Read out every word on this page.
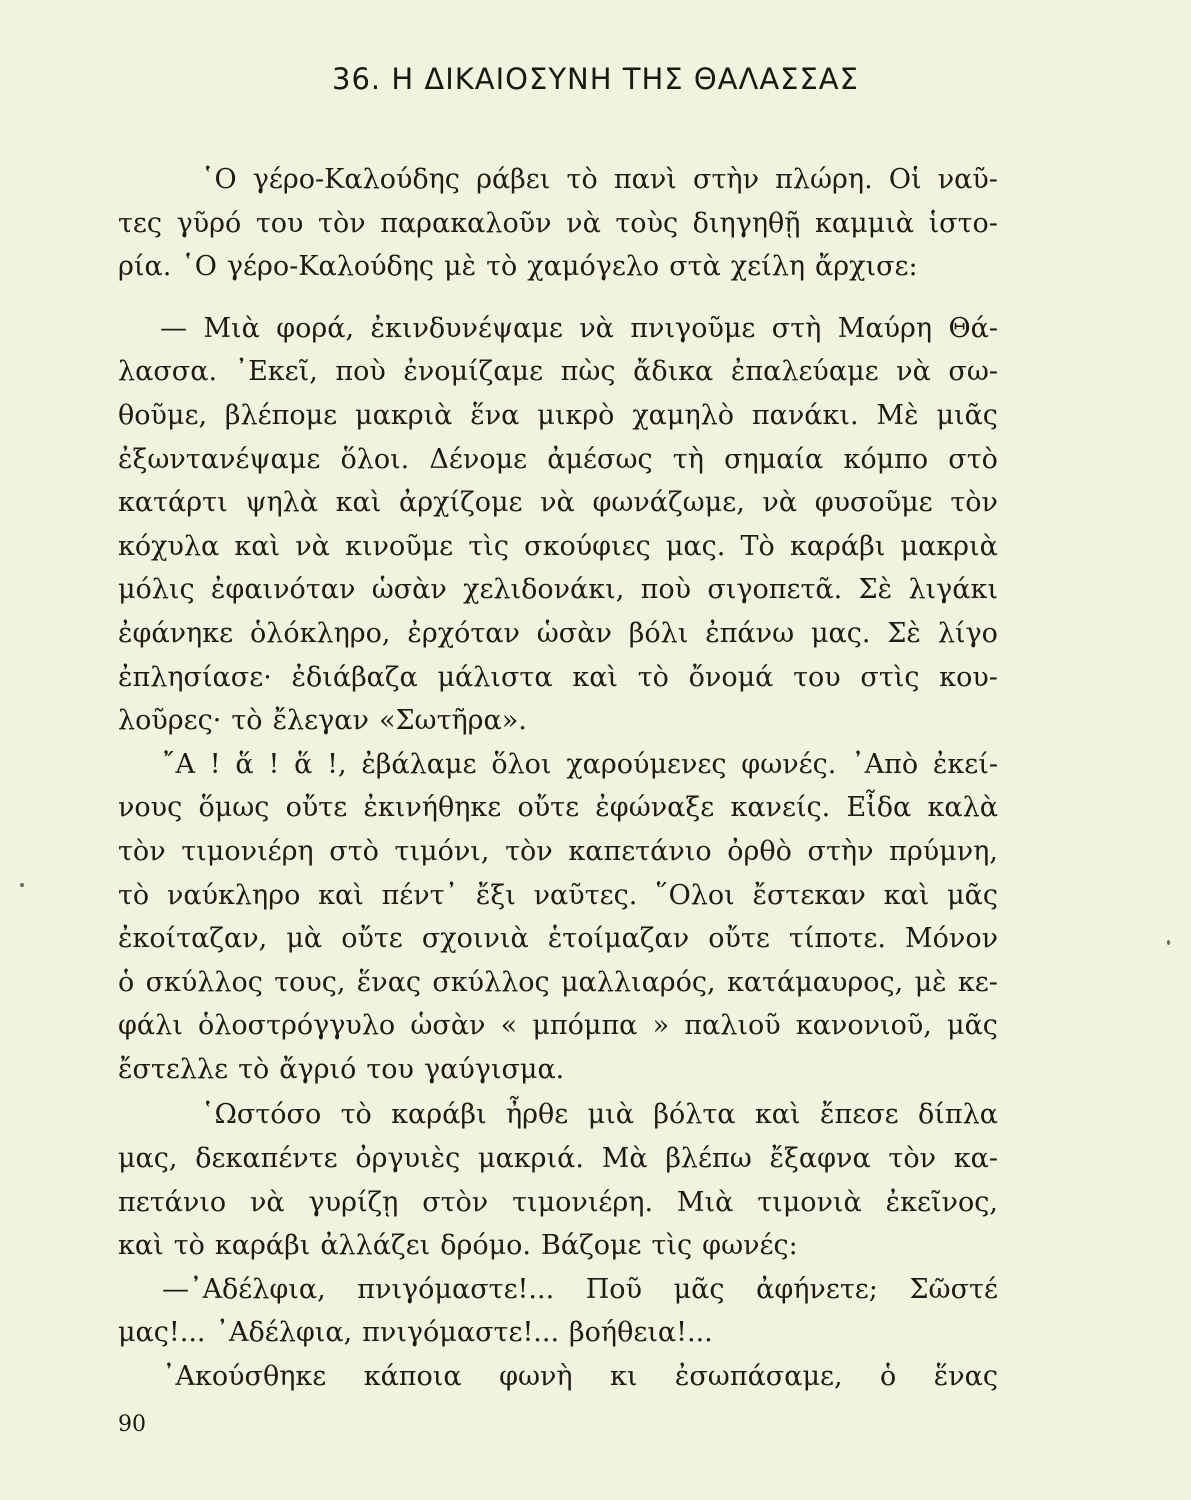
36. Η ΔΙΚΑΙΟΣΥΝΗ ΤΗΣ ΘΑΛΑΣΣΑΣ
῾Ο γέρο-Καλούδης ράβει τὸ πανὶ στὴν πλώρη. Οἱ ναῦ-
τες γῦρό του τὸν παρακαλοῦν νὰ τοὺς διηγηθῇ καμμιὰ ἱστο-
ρία. ῾Ο γέρο-Καλούδης μὲ τὸ χαμόγελο στὰ χείλη ἄρχισε:
— Μιὰ φορά, ἐκινδυνέψαμε νὰ πνιγοῦμε στὴ Μαύρη Θά-
λασσα. ᾿Εκεῖ, ποὺ ἐνομίζαμε πὼς ἄδικα ἐπαλεύαμε νὰ σω-
θοῦμε, βλέπομε μακριὰ ἕνα μικρὸ χαμηλὸ πανάκι. Μὲ μιᾶς
ἐξωντανέψαμε ὅλοι. Δένομε ἀμέσως τὴ σημαία κόμπο στὸ
κατάρτι ψηλὰ καὶ ἀρχίζομε νὰ φωνάζωμε, νὰ φυσοῦμε τὸν
κόχυλα καὶ νὰ κινοῦμε τὶς σκούφιες μας. Τὸ καράβι μακριὰ
μόλις ἐφαινόταν ὡσὰν χελιδονάκι, ποὺ σιγοπετᾶ. Σὲ λιγάκι
ἐφάνηκε ὁλόκληρο, ἐρχόταν ὡσὰν βόλι ἐπάνω μας. Σὲ λίγο
ἐπλησίασε· ἐδιάβαζα μάλιστα καὶ τὸ ὄνομά του στὶς κου-
λοῦρες· τὸ ἔλεγαν «Σωτῆρα».
῎Α ! ἅ ! ἅ !, ἐβάλαμε ὅλοι χαρούμενες φωνές. ᾿Απὸ ἐκεί-
νους ὅμως οὔτε ἐκινήθηκε οὔτε ἐφώναξε κανείς. Εἶδα καλὰ
τὸν τιμονιέρη στὸ τιμόνι, τὸν καπετάνιο ὀρθὸ στὴν πρύμνη,
τὸ ναύκληρο καὶ πέντ᾿ ἔξι ναῦτες. ῞Ολοι ἔστεκαν καὶ μᾶς
ἐκοίταζαν, μὰ οὔτε σχοινιὰ ἑτοίμαζαν οὔτε τίποτε. Μόνον
ὁ σκύλλος τους, ἕνας σκύλλος μαλλιαρός, κατάμαυρος, μὲ κε-
φάλι ὁλοστρόγγυλο ὡσὰν « μπόμπα » παλιοῦ κανονιοῦ, μᾶς
ἔστελλε τὸ ἄγριό του γαύγισμα.
῾Ωστόσο τὸ καράβι ἦρθε μιὰ βόλτα καὶ ἔπεσε δίπλα
μας, δεκαπέντε ὀργυιὲς μακριά. Μὰ βλέπω ἔξαφνα τὸν κα-
πετάνιο νὰ γυρίζῃ στὸν τιμονιέρη. Μιὰ τιμονιὰ ἐκεῖνος,
καὶ τὸ καράβι ἀλλάζει δρόμο. Βάζομε τὶς φωνές:
—᾿Αδέλφια, πνιγόμαστε!... Ποῦ μᾶς ἀφήνετε; Σῶστέ
μας!... ᾿Αδέλφια, πνιγόμαστε!... βοήθεια!...
᾿Ακούσθηκε κάποια φωνὴ κι ἐσωπάσαμε, ὁ ἕνας
90
